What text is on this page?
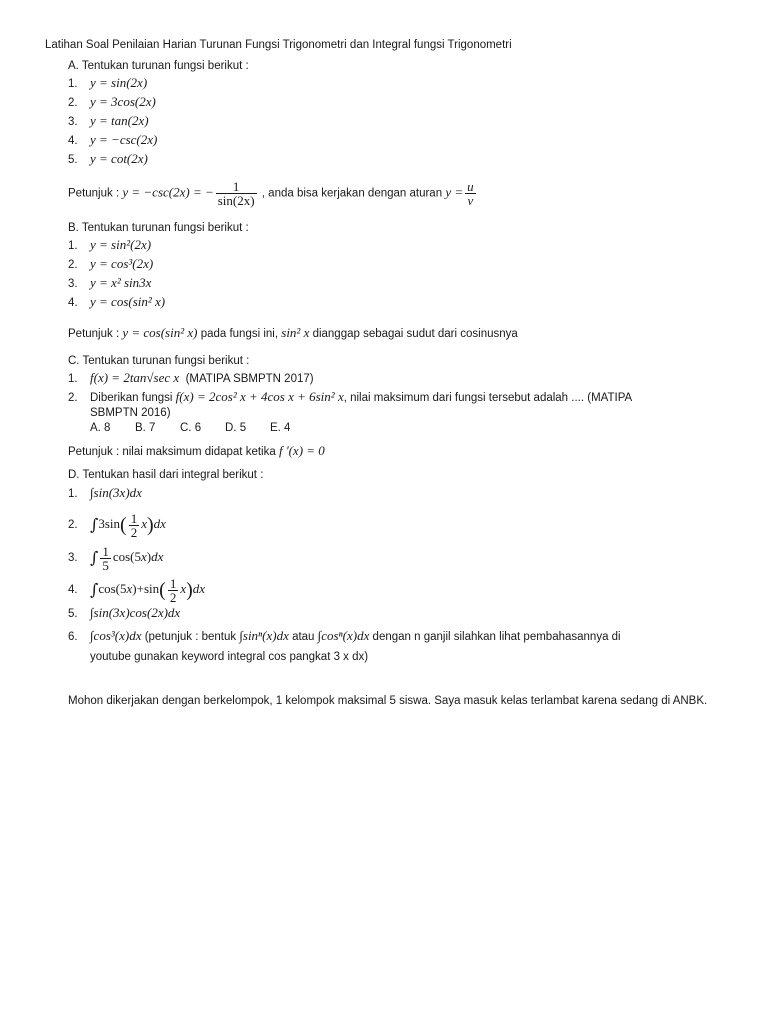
Latihan Soal Penilaian Harian Turunan Fungsi Trigonometri dan Integral fungsi Trigonometri
A. Tentukan turunan fungsi berikut :
1. y = sin(2x)
2. y = 3cos(2x)
3. y = tan(2x)
4. y = −csc(2x)
5. y = cot(2x)
Petunjuk : y = −csc(2x) = − $\frac{1}{\sin(2x)}$ , anda bisa kerjakan dengan aturan $y = \frac{u}{v}$
B. Tentukan turunan fungsi berikut :
1. y = sin²(2x)
2. y = cos³(2x)
3. y = x² sin3x
4. y = cos(sin² x)
Petunjuk : y = cos(sin² x) pada fungsi ini, sin² x dianggap sebagai sudut dari cosinusnya
C. Tentukan turunan fungsi berikut :
1. f(x) = 2tan√sec x (MATIPA SBMPTN 2017)
2. Diberikan fungsi f(x) = 2cos² x + 4cos x + 6sin² x, nilai maksimum dari fungsi tersebut adalah .... (MATIPA
SBMPTN 2016)
A. 8 B. 7 C. 6 D. 5 E. 4
Petunjuk : nilai maksimum didapat ketika f '(x) = 0
D. Tentukan hasil dari integral berikut :
1. ∫sin(3x)dx
2. $\int 3\sin( \frac{1}{2} x)dx$
3. ∫ $\frac{1}{5} \cos(5x)dx$
4. $\int\cos(5x)+\sin( \frac{1}{2} x)dx$
5. ∫sin(3x)cos(2x)dx
6. ∫cos³(x)dx (petunjuk : bentuk ∫sinⁿ(x)dx atau ∫cosⁿ(x)dx dengan n ganjil silahkan lihat pembahasannya di
youtube gunakan keyword integral cos pangkat 3 x dx)
Mohon dikerjakan dengan berkelompok, 1 kelompok maksimal 5 siswa. Saya masuk kelas terlambat karena sedang di ANBK.
